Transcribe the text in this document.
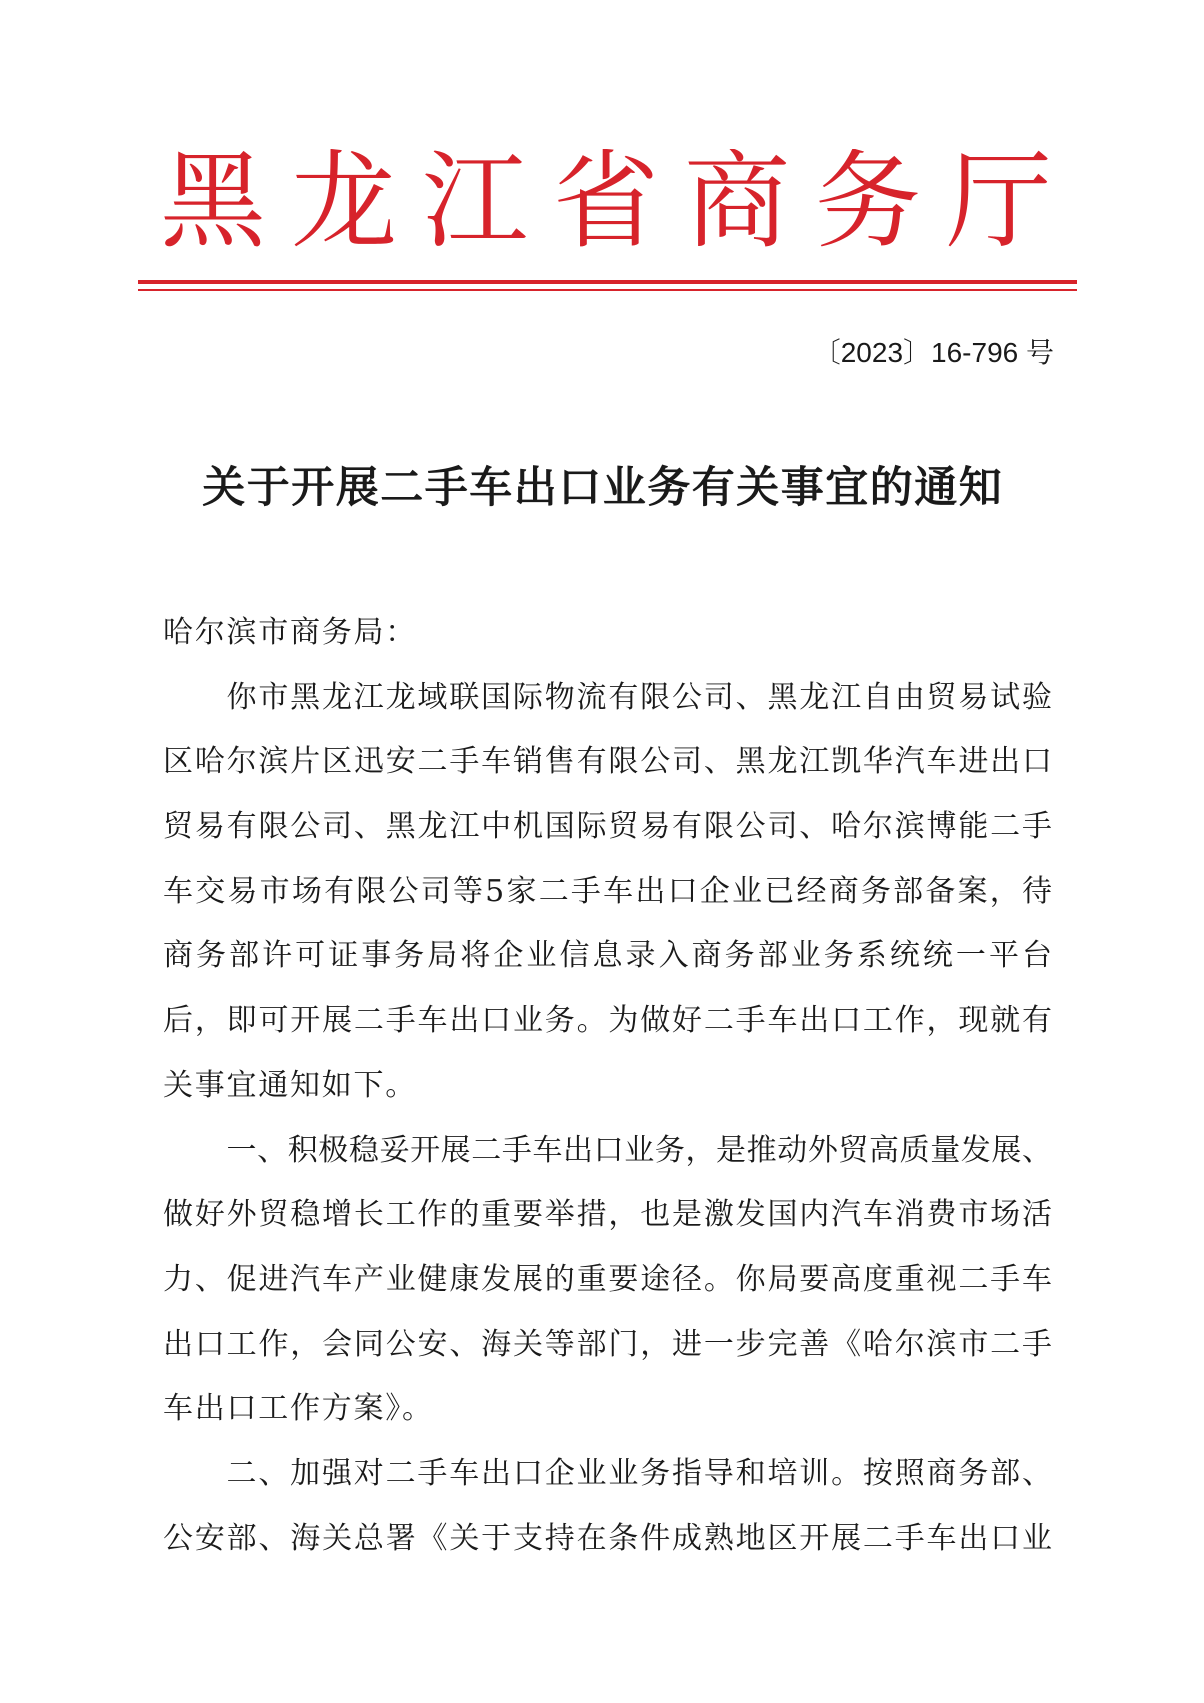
黑龙江省商务厅
〔2023〕16-796 号
关于开展二手车出口业务有关事宜的通知
哈尔滨市商务局：
你市黑龙江龙域联国际物流有限公司、黑龙江自由贸易试验
区哈尔滨片区迅安二手车销售有限公司、黑龙江凯华汽车进出口
贸易有限公司、黑龙江中机国际贸易有限公司、哈尔滨博能二手
车交易市场有限公司等5家二手车出口企业已经商务部备案，待
商务部许可证事务局将企业信息录入商务部业务系统统一平台
后，即可开展二手车出口业务。为做好二手车出口工作，现就有
关事宜通知如下。
一、积极稳妥开展二手车出口业务，是推动外贸高质量发展、
做好外贸稳增长工作的重要举措，也是激发国内汽车消费市场活
力、促进汽车产业健康发展的重要途径。你局要高度重视二手车
出口工作，会同公安、海关等部门，进一步完善《哈尔滨市二手
车出口工作方案》。
二、加强对二手车出口企业业务指导和培训。按照商务部、
公安部、海关总署《关于支持在条件成熟地区开展二手车出口业
